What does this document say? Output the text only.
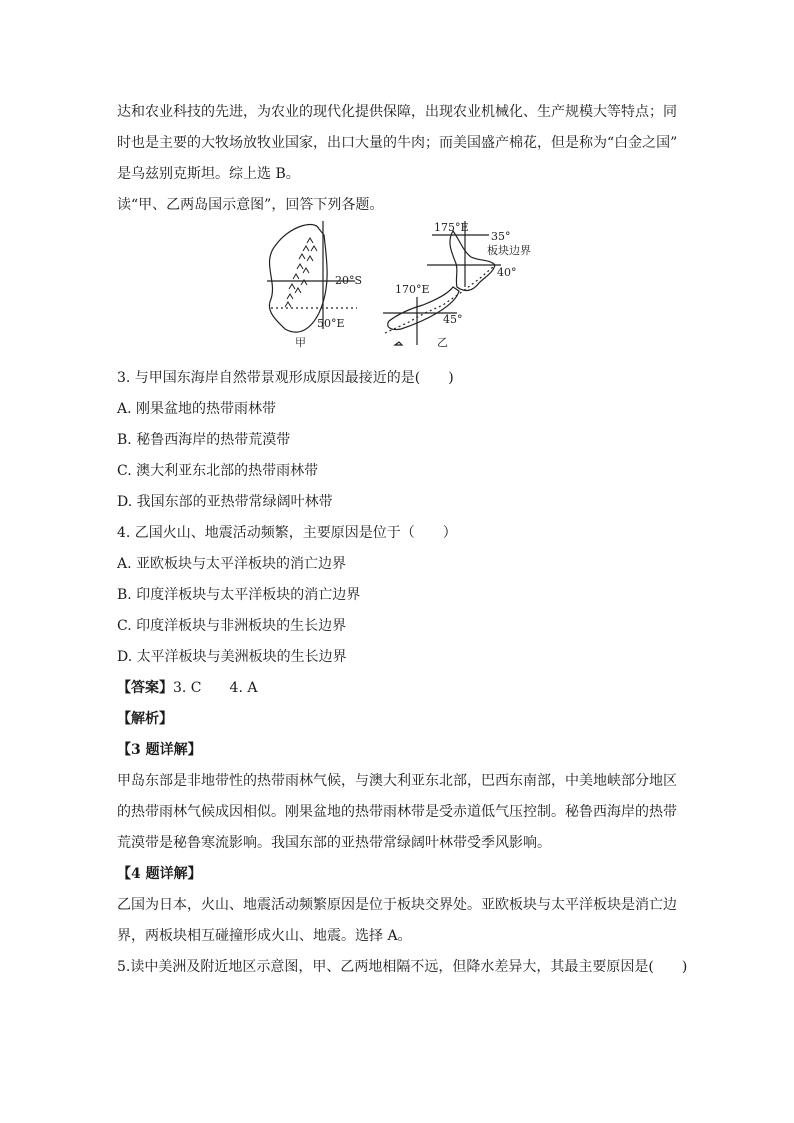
达和农业科技的先进，为农业的现代化提供保障，出现农业机械化、生产规模大等特点；同
时也是主要的大牧场放牧业国家，出口大量的牛肉；而美国盛产棉花，但是称为“白金之国”
是乌兹别克斯坦。综上选 B。
读“甲、乙两岛国示意图”，回答下列各题。
20°S
50°E
甲
175°E
35°
板块边界
40°
170°E
45°
乙
3. 与甲国东海岸自然带景观形成原因最接近的是(　　)
A. 刚果盆地的热带雨林带
B. 秘鲁西海岸的热带荒漠带
C. 澳大利亚东北部的热带雨林带
D. 我国东部的亚热带常绿阔叶林带
4. 乙国火山、地震活动频繁，主要原因是位于（　　）
A. 亚欧板块与太平洋板块的消亡边界
B. 印度洋板块与太平洋板块的消亡边界
C. 印度洋板块与非洲板块的生长边界
D. 太平洋板块与美洲板块的生长边界
【答案】3. C 4. A
【解析】
【3 题详解】
甲岛东部是非地带性的热带雨林气候，与澳大利亚东北部，巴西东南部，中美地峡部分地区
的热带雨林气候成因相似。刚果盆地的热带雨林带是受赤道低气压控制。秘鲁西海岸的热带
荒漠带是秘鲁寒流影响。我国东部的亚热带常绿阔叶林带受季风影响。
【4 题详解】
乙国为日本，火山、地震活动频繁原因是位于板块交界处。亚欧板块与太平洋板块是消亡边
界，两板块相互碰撞形成火山、地震。选择 A。
5.读中美洲及附近地区示意图，甲、乙两地相隔不远，但降水差异大，其最主要原因是(　　)
